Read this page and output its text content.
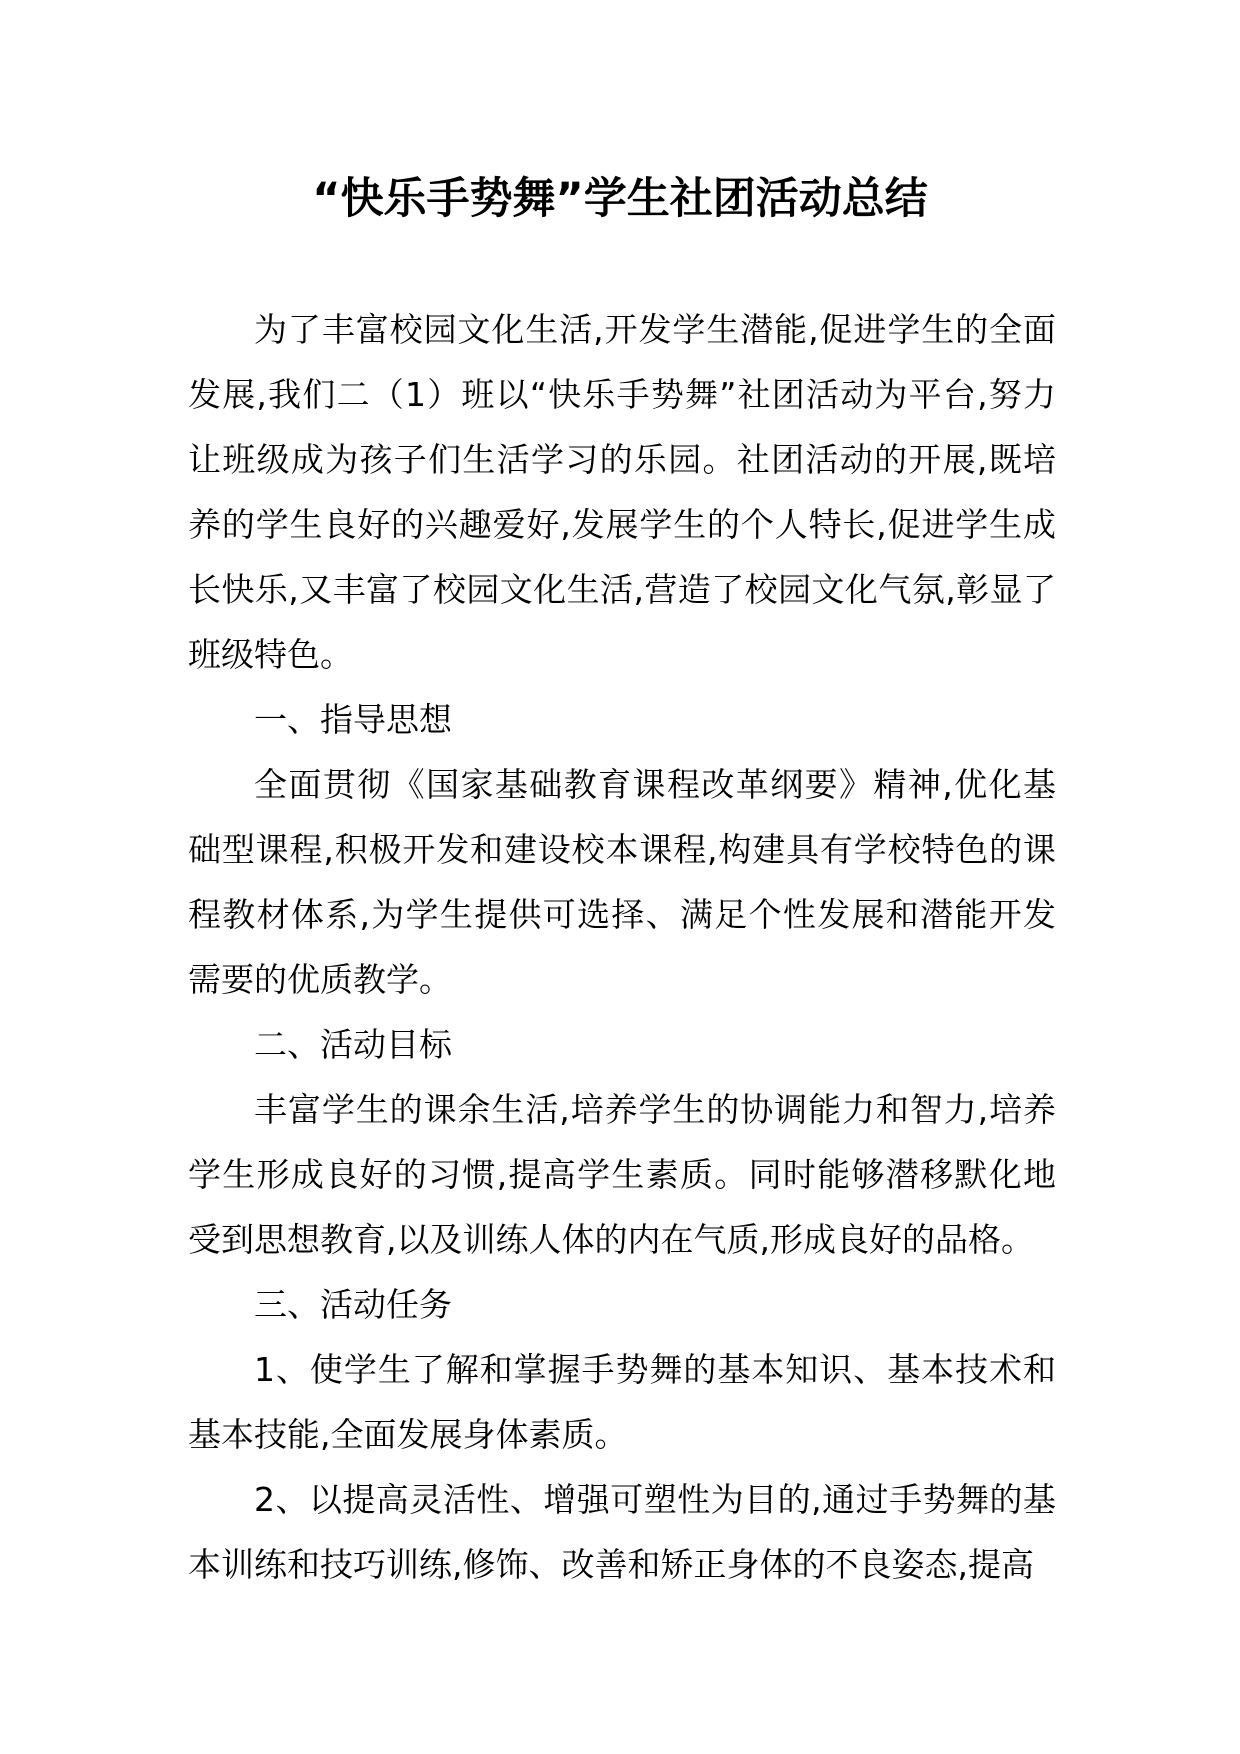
“快乐手势舞”学生社团活动总结

为了丰富校园文化生活,开发学生潜能,促进学生的全面发展,我们二（1）班以“快乐手势舞”社团活动为平台,努力让班级成为孩子们生活学习的乐园。社团活动的开展,既培养的学生良好的兴趣爱好,发展学生的个人特长,促进学生成长快乐,又丰富了校园文化生活,营造了校园文化气氛,彰显了班级特色。

一、指导思想

全面贯彻《国家基础教育课程改革纲要》精神,优化基础型课程,积极开发和建设校本课程,构建具有学校特色的课程教材体系,为学生提供可选择、满足个性发展和潜能开发需要的优质教学。

二、活动目标

丰富学生的课余生活,培养学生的协调能力和智力,培养学生形成良好的习惯,提高学生素质。同时能够潜移默化地受到思想教育,以及训练人体的内在气质,形成良好的品格。

三、活动任务

1、使学生了解和掌握手势舞的基本知识、基本技术和基本技能,全面发展身体素质。

2、以提高灵活性、增强可塑性为目的,通过手势舞的基本训练和技巧训练,修饰、改善和矫正身体的不良姿态,提高
